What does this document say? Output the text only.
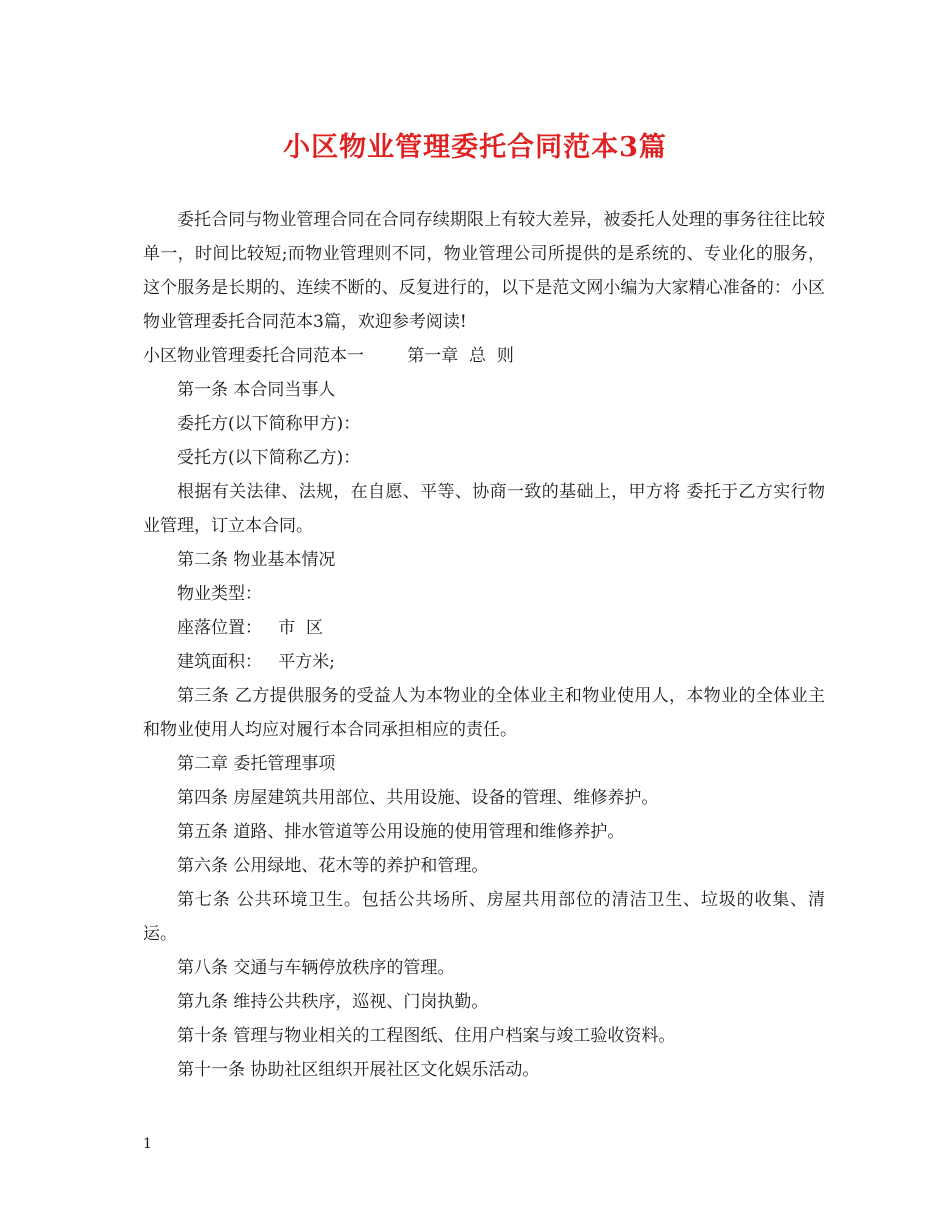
小区物业管理委托合同范本3篇

委托合同与物业管理合同在合同存续期限上有较大差异，被委托人处理的事务往往比较单一，时间比较短;而物业管理则不同，物业管理公司所提供的是系统的、专业化的服务，这个服务是长期的、连续不断的、反复进行的，以下是范文网小编为大家精心准备的：小区物业管理委托合同范本3篇，欢迎参考阅读!

小区物业管理委托合同范本一        第一章  总  则

第一条 本合同当事人

委托方(以下简称甲方)：

受托方(以下简称乙方)：

根据有关法律、法规，在自愿、平等、协商一致的基础上，甲方将 委托于乙方实行物业管理，订立本合同。

第二条 物业基本情况

物业类型：

座落位置：   市  区

建筑面积：   平方米;

第三条 乙方提供服务的受益人为本物业的全体业主和物业使用人，本物业的全体业主和物业使用人均应对履行本合同承担相应的责任。

第二章 委托管理事项

第四条 房屋建筑共用部位、共用设施、设备的管理、维修养护。

第五条 道路、排水管道等公用设施的使用管理和维修养护。

第六条 公用绿地、花木等的养护和管理。

第七条 公共环境卫生。包括公共场所、房屋共用部位的清洁卫生、垃圾的收集、清运。

第八条 交通与车辆停放秩序的管理。

第九条 维持公共秩序，巡视、门岗执勤。

第十条 管理与物业相关的工程图纸、住用户档案与竣工验收资料。

第十一条 协助社区组织开展社区文化娱乐活动。

1
